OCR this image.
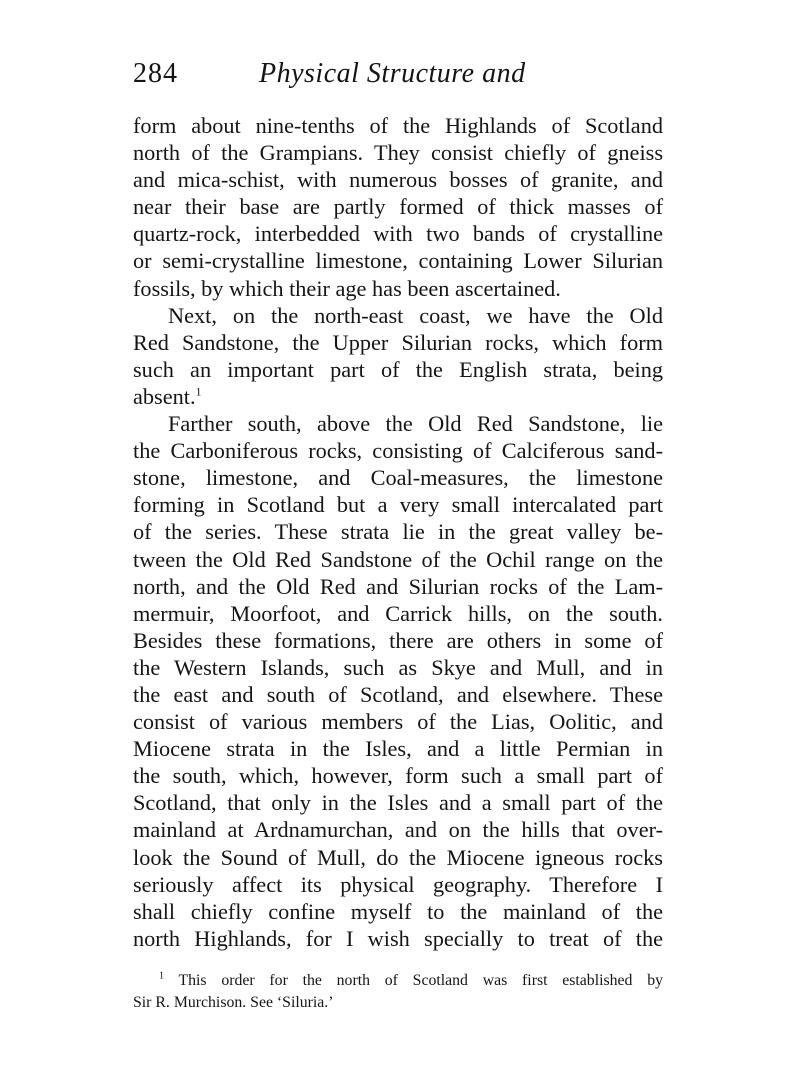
284	Physical Structure and
form about nine-tenths of the Highlands of Scotland
north of the Grampians. They consist chiefly of gneiss
and mica-schist, with numerous bosses of granite, and
near their base are partly formed of thick masses of
quartz-rock, interbedded with two bands of crystalline
or semi-crystalline limestone, containing Lower Silurian
fossils, by which their age has been ascertained.
Next, on the north-east coast, we have the Old
Red Sandstone, the Upper Silurian rocks, which form
such an important part of the English strata, being
absent.$^1$
Farther south, above the Old Red Sandstone, lie
the Carboniferous rocks, consisting of Calciferous sand-
stone, limestone, and Coal-measures, the limestone
forming in Scotland but a very small intercalated part
of the series. These strata lie in the great valley be-
tween the Old Red Sandstone of the Ochil range on the
north, and the Old Red and Silurian rocks of the Lam-
mermuir, Moorfoot, and Carrick hills, on the south.
Besides these formations, there are others in some of
the Western Islands, such as Skye and Mull, and in
the east and south of Scotland, and elsewhere. These
consist of various members of the Lias, Oolitic, and
Miocene strata in the Isles, and a little Permian in
the south, which, however, form such a small part of
Scotland, that only in the Isles and a small part of the
mainland at Ardnamurchan, and on the hills that over-
look the Sound of Mull, do the Miocene igneous rocks
seriously affect its physical geography. Therefore I
shall chiefly confine myself to the mainland of the
north Highlands, for I wish specially to treat of the
$^1$ This order for the north of Scotland was first established by
Sir R. Murchison. See ‘Siluria.’
